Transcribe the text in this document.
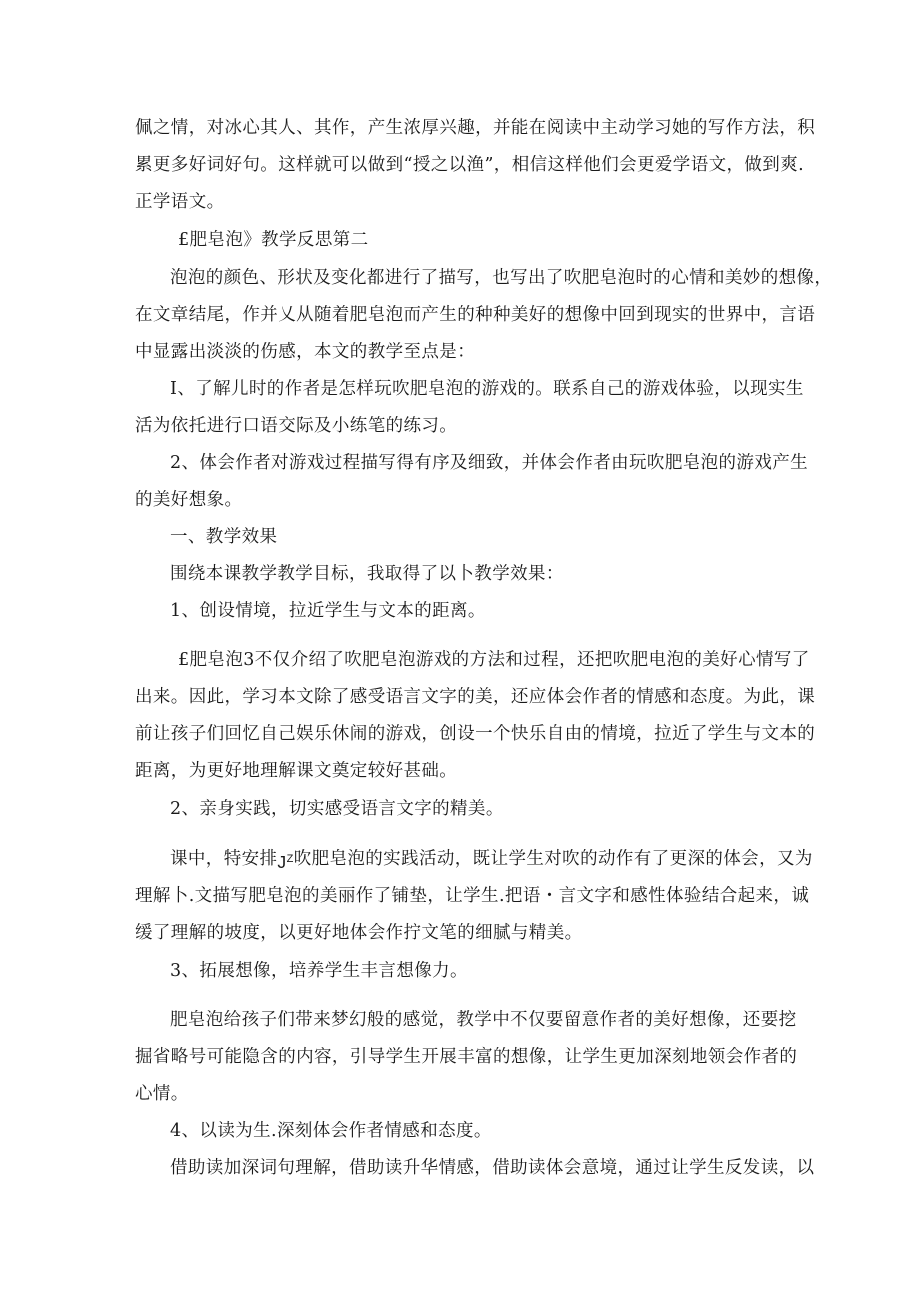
佩之情，对冰心其人、其作，产生浓厚兴趣，并能在阅读中主动学习她的写作方法，积

累更多好词好句。这样就可以做到“授之以渔”，相信这样他们会更爱学语文，做到爽.

正学语文。

£肥皂泡》教学反思第二

泡泡的颜色、形状及变化都进行了描写，也写出了吹肥皂泡时的心情和美妙的想像，

在文章结尾，作并乂从随着肥皂泡而产生的种种美好的想像中回到现实的世界中，言语

中显露出淡淡的伤感，本文的教学至点是：

I、了解儿时的作者是怎样玩吹肥皂泡的游戏的。联系自己的游戏体验，以现实生

活为依托进行口语交际及小练笔的练习。

2、体会作者对游戏过程描写得有序及细致，并体会作者由玩吹肥皂泡的游戏产生

的美好想象。

一、教学效果

围绕本课教学教学目标，我取得了以卜教学效果：

1、创设情境，拉近学生与文本的距离。

£肥皂泡3不仅介绍了吹肥皂泡游戏的方法和过程，还把吹肥电泡的美好心情写了

出来。因此，学习本文除了感受语言文字的美，还应体会作者的情感和态度。为此，课

前让孩子们回忆自己娱乐休闹的游戏，创设一个快乐自由的情境，拉近了学生与文本的

距离，为更好地理解课文奠定较好甚础。

2、亲身实践，切实感受语言文字的精美。

课中，特安排 $J^Z$ 吹肥皂泡的实践活动，既让学生对吹的动作有了更深的体会，又为

理解卜.文描写肥皂泡的美丽作了铺垫，让学生.把语・言文字和感性体验结合起来，诚

缓了理解的坡度，以更好地体会作拧文笔的细腻与精美。

3、拓展想像，培养学生丰言想像力。

肥皂泡给孩子们带来梦幻般的感觉，教学中不仅要留意作者的美好想像，还要挖

掘省略号可能隐含的内容，引导学生开展丰富的想像，让学生更加深刻地领会作者的

心情。

4、以读为生.深刻体会作者情感和态度。

借助读加深词句理解，借助读升华情感，借助读体会意境，通过让学生反发读，以
